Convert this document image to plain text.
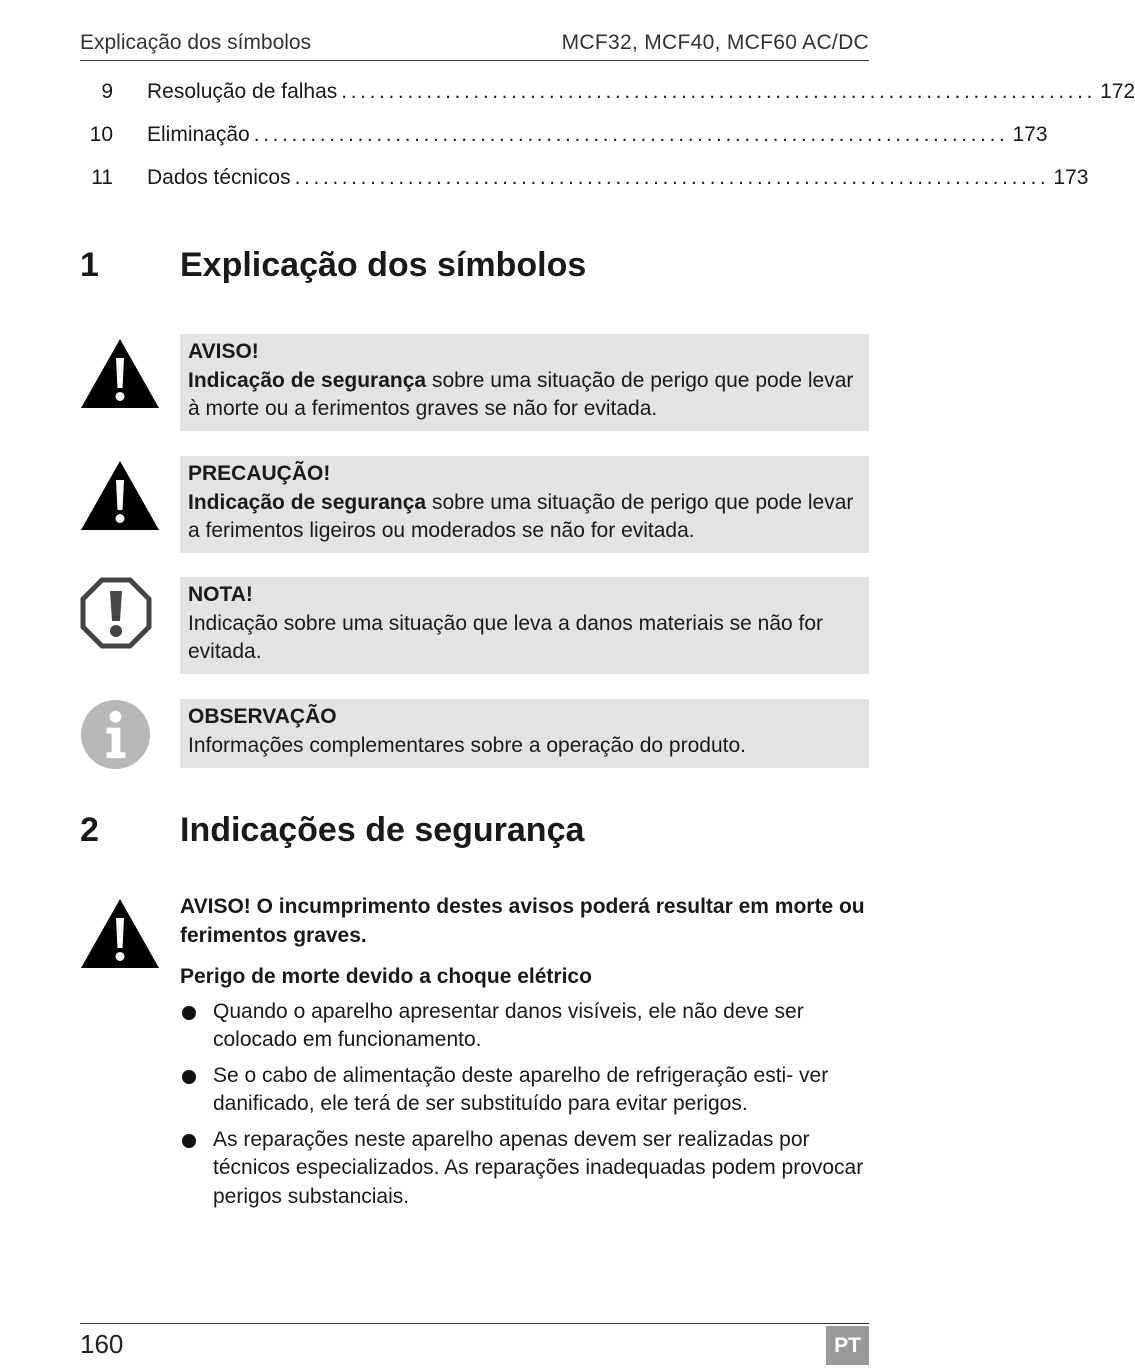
Explicação dos símbolos	MCF32, MCF40, MCF60 AC/DC
9 Resolução de falhas ................................................................................ 172
10 Eliminação ................................................................................ 173
11 Dados técnicos ................................................................................ 173
1 Explicação dos símbolos
AVISO!
Indicação de segurança sobre uma situação de perigo que pode levar à morte ou a ferimentos graves se não for evitada.
PRECAUÇÃO!
Indicação de segurança sobre uma situação de perigo que pode levar a ferimentos ligeiros ou moderados se não for evitada.
NOTA!
Indicação sobre uma situação que leva a danos materiais se não for evitada.
OBSERVAÇÃO
Informações complementares sobre a operação do produto.
2 Indicações de segurança
AVISO! O incumprimento destes avisos poderá resultar em morte ou ferimentos graves.
Perigo de morte devido a choque elétrico
Quando o aparelho apresentar danos visíveis, ele não deve ser colocado em funcionamento.
Se o cabo de alimentação deste aparelho de refrigeração esti- ver danificado, ele terá de ser substituído para evitar perigos.
As reparações neste aparelho apenas devem ser realizadas por técnicos especializados. As reparações inadequadas podem provocar perigos substanciais.
160	PT
